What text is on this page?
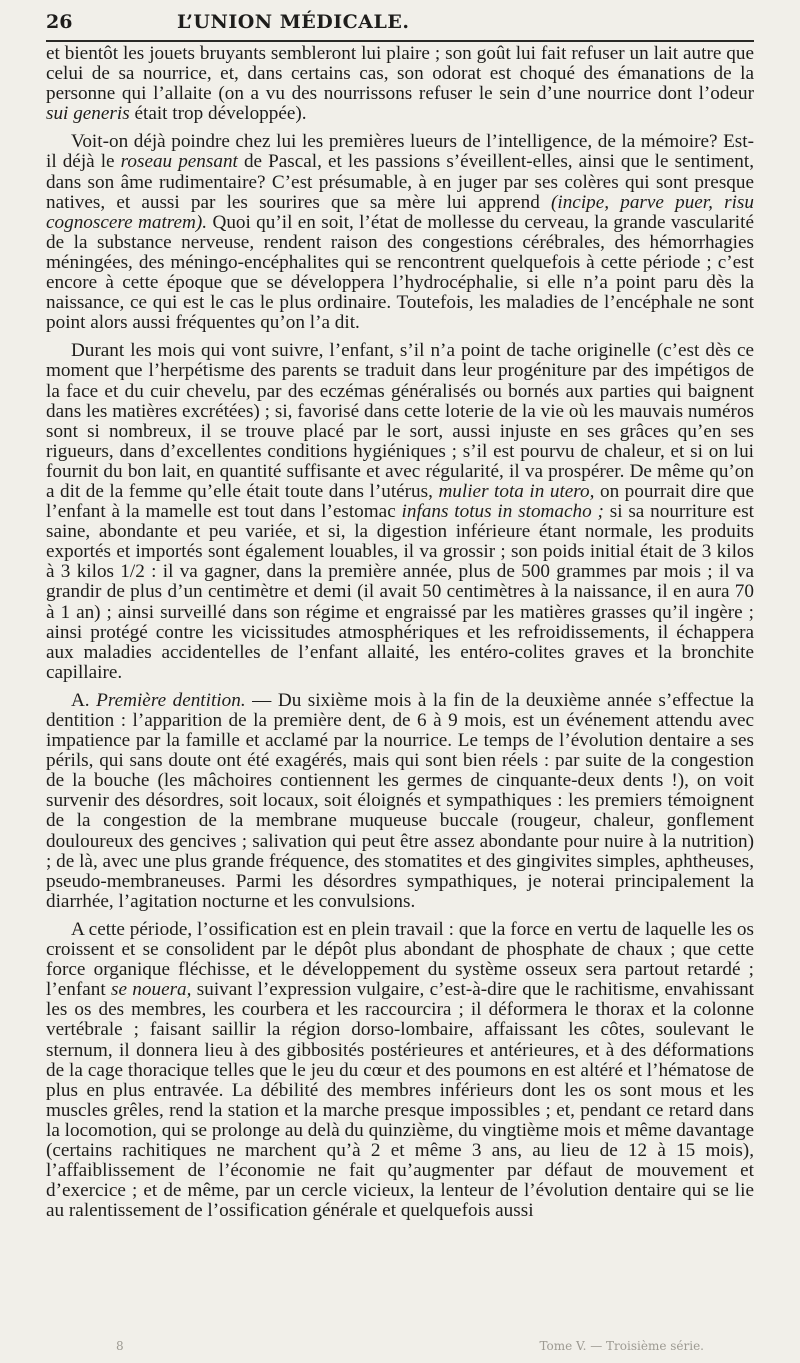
26	L’UNION MÉDICALE.

et bientôt les jouets bruyants sembleront lui plaire ; son goût lui fait refuser un lait autre que celui de sa nourrice, et, dans certains cas, son odorat est choqué des émanations de la personne qui l’allaite (on a vu des nourrissons refuser le sein d’une nourrice dont l’odeur sui generis était trop développée).

Voit-on déjà poindre chez lui les premières lueurs de l’intelligence, de la mémoire? Est-il déjà le roseau pensant de Pascal, et les passions s’éveillent-elles, ainsi que le sentiment, dans son âme rudimentaire? C’est présumable, à en juger par ses colères qui sont presque natives, et aussi par les sourires que sa mère lui apprend (incipe, parve puer, risu cognoscere matrem). Quoi qu’il en soit, l’état de mollesse du cerveau, la grande vascularité de la substance nerveuse, rendent raison des congestions cérébrales, des hémorrhagies méningées, des méningo-encéphalites qui se rencontrent quelquefois à cette période ; c’est encore à cette époque que se développera l’hydrocéphalie, si elle n’a point paru dès la naissance, ce qui est le cas le plus ordinaire. Toutefois, les maladies de l’encéphale ne sont point alors aussi fréquentes qu’on l’a dit.

Durant les mois qui vont suivre, l’enfant, s’il n’a point de tache originelle (c’est dès ce moment que l’herpétisme des parents se traduit dans leur progéniture par des impétigos de la face et du cuir chevelu, par des eczémas généralisés ou bornés aux parties qui baignent dans les matières excrétées) ; si, favorisé dans cette loterie de la vie où les mauvais numéros sont si nombreux, il se trouve placé par le sort, aussi injuste en ses grâces qu’en ses rigueurs, dans d’excellentes conditions hygiéniques ; s’il est pourvu de chaleur, et si on lui fournit du bon lait, en quantité suffisante et avec régularité, il va prospérer. De même qu’on a dit de la femme qu’elle était toute dans l’utérus, mulier tota in utero, on pourrait dire que l’enfant à la mamelle est tout dans l’estomac infans totus in stomacho ; si sa nourriture est saine, abondante et peu variée, et si, la digestion inférieure étant normale, les produits exportés et importés sont également louables, il va grossir ; son poids initial était de 3 kilos à 3 kilos 1/2 : il va gagner, dans la première année, plus de 500 grammes par mois ; il va grandir de plus d’un centimètre et demi (il avait 50 centimètres à la naissance, il en aura 70 à 1 an) ; ainsi surveillé dans son régime et engraissé par les matières grasses qu’il ingère ; ainsi protégé contre les vicissitudes atmosphériques et les refroidissements, il échappera aux maladies accidentelles de l’enfant allaité, les entéro-colites graves et la bronchite capillaire.

A. Première dentition. — Du sixième mois à la fin de la deuxième année s’effectue la dentition : l’apparition de la première dent, de 6 à 9 mois, est un événement attendu avec impatience par la famille et acclamé par la nourrice. Le temps de l’évolution dentaire a ses périls, qui sans doute ont été exagérés, mais qui sont bien réels : par suite de la congestion de la bouche (les mâchoires contiennent les germes de cinquante-deux dents !), on voit survenir des désordres, soit locaux, soit éloignés et sympathiques : les premiers témoignent de la congestion de la membrane muqueuse buccale (rougeur, chaleur, gonflement douloureux des gencives ; salivation qui peut être assez abondante pour nuire à la nutrition) ; de là, avec une plus grande fréquence, des stomatites et des gingivites simples, aphtheuses, pseudo-membraneuses. Parmi les désordres sympathiques, je noterai principalement la diarrhée, l’agitation nocturne et les convulsions.

A cette période, l’ossification est en plein travail : que la force en vertu de laquelle les os croissent et se consolident par le dépôt plus abondant de phosphate de chaux ; que cette force organique fléchisse, et le développement du système osseux sera partout retardé ; l’enfant se nouera, suivant l’expression vulgaire, c’est-à-dire que le rachitisme, envahissant les os des membres, les courbera et les raccourcira ; il déformera le thorax et la colonne vertébrale ; faisant saillir la région dorso-lombaire, affaissant les côtes, soulevant le sternum, il donnera lieu à des gibbosités postérieures et antérieures, et à des déformations de la cage thoracique telles que le jeu du cœur et des poumons en est altéré et l’hématose de plus en plus entravée. La débilité des membres inférieurs dont les os sont mous et les muscles grêles, rend la station et la marche presque impossibles ; et, pendant ce retard dans la locomotion, qui se prolonge au delà du quinzième, du vingtième mois et même davantage (certains rachitiques ne marchent qu’à 2 et même 3 ans, au lieu de 12 à 15 mois), l’affaiblissement de l’économie ne fait qu’augmenter par défaut de mouvement et d’exercice ; et de même, par un cercle vicieux, la lenteur de l’évolution dentaire qui se lie au ralentissement de l’ossification générale et quelquefois aussi

8	Tome V. — Troisième série.
